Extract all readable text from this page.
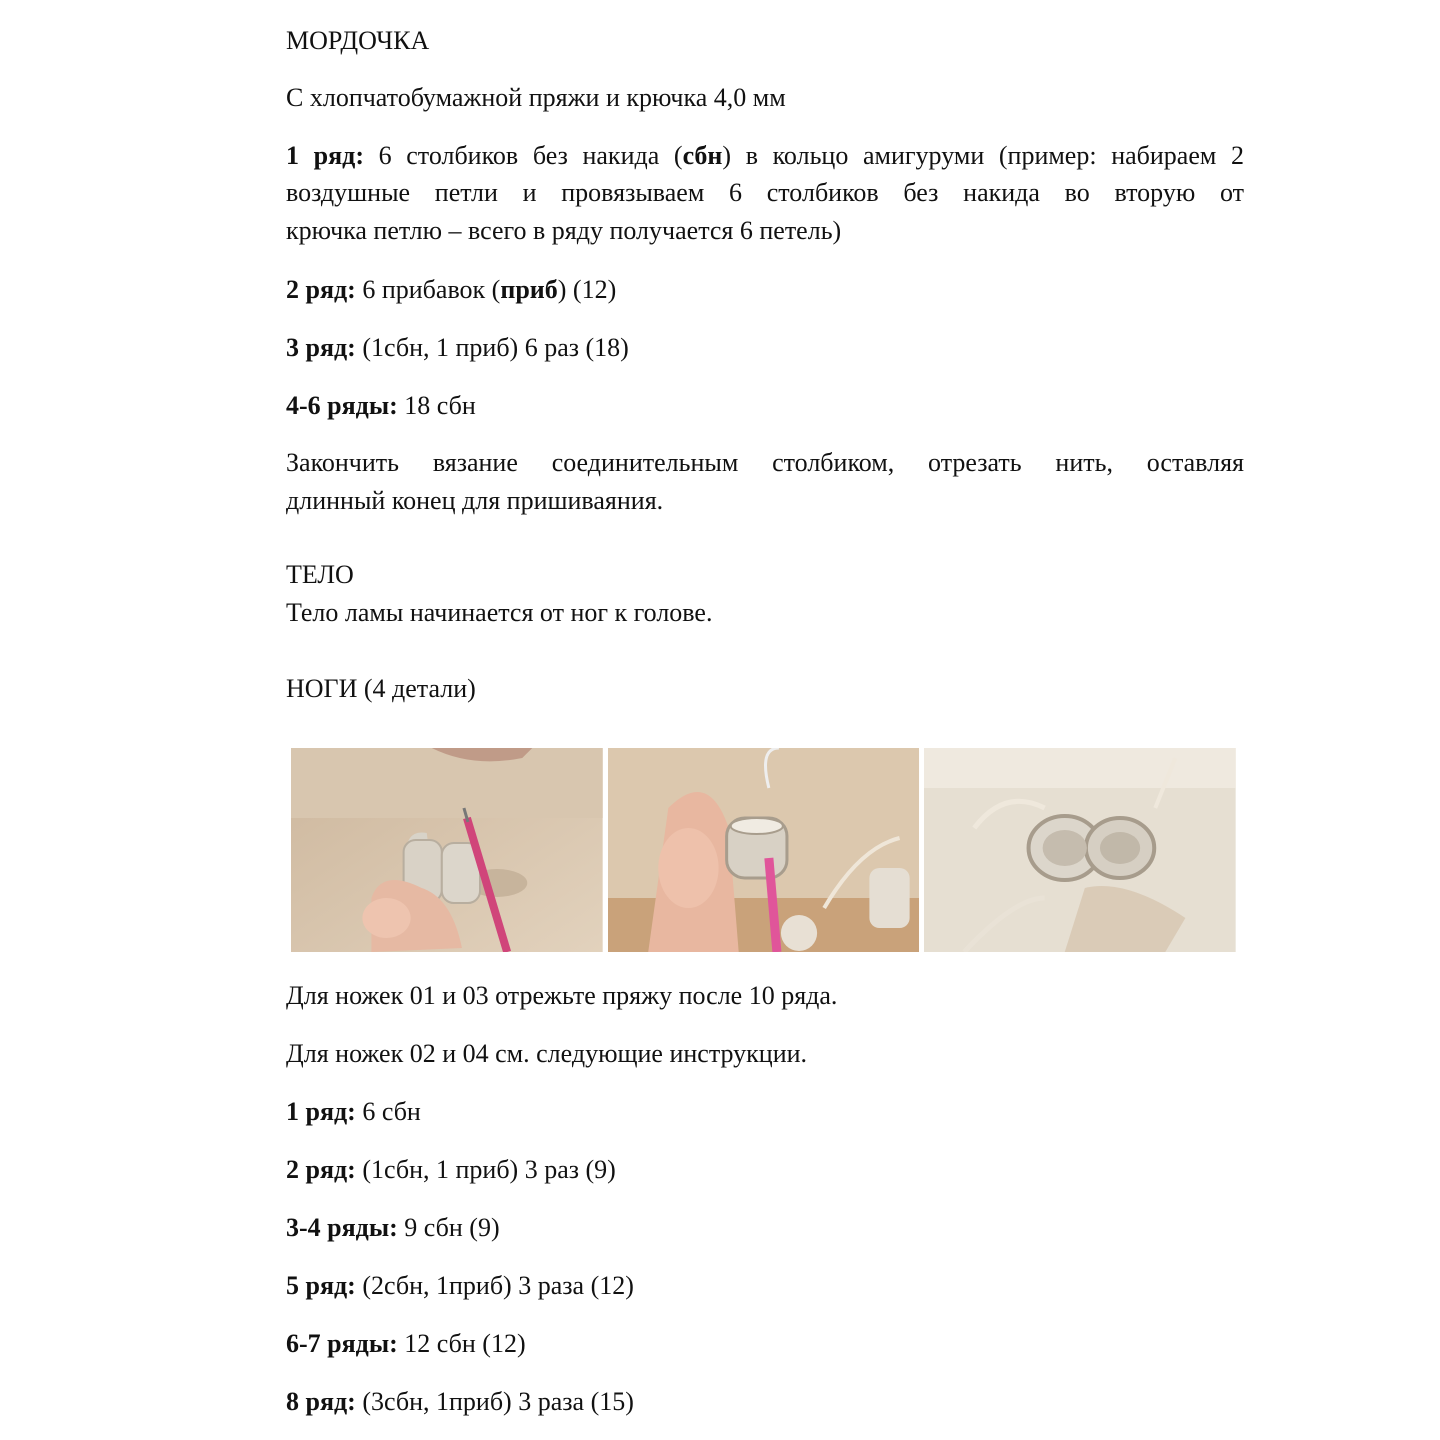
МОРДОЧКА
С хлопчатобумажной пряжи и крючка 4,0 мм
1 ряд: 6 столбиков без накида (сбн) в кольцо амигуруми (пример: набираем 2
воздушные петли и провязываем 6 столбиков без накида во вторую от
крючка петлю – всего в ряду получается 6 петель)
2 ряд: 6 прибавок (приб) (12)
3 ряд: (1сбн, 1 приб) 6 раз (18)
4-6 ряды: 18 сбн
Закончить вязание соединительным столбиком, отрезать нить, оставляя
длинный конец для пришиваяния.
ТЕЛО
Тело ламы начинается от ног к голове.
НОГИ (4 детали)
Для ножек 01 и 03 отрежьте пряжу после 10 ряда.
Для ножек 02 и 04 см. следующие инструкции.
1 ряд: 6 сбн
2 ряд: (1сбн, 1 приб) 3 раз (9)
3-4 ряды: 9 сбн (9)
5 ряд: (2сбн, 1приб) 3 раза (12)
6-7 ряды: 12 сбн (12)
8 ряд: (3сбн, 1приб) 3 раза (15)
